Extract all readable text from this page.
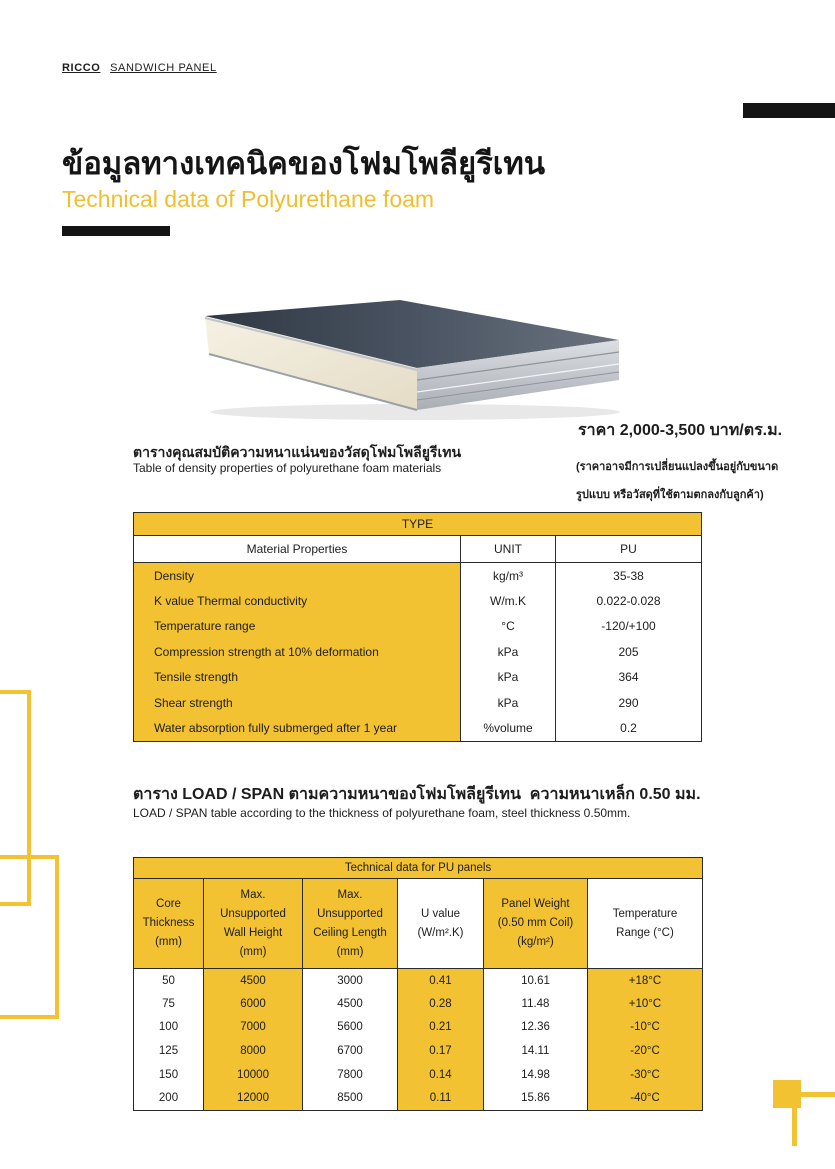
RICCO SANDWICH PANEL
ข้อมูลทางเทคนิคของโฟมโพลียูรีเทน
Technical data of Polyurethane foam
ราคา 2,000-3,500 บาท/ตร.ม.
(ราคาอาจมีการเปลี่ยนแปลงขึ้นอยู่กับขนาด
รูปแบบ หรือวัสดุที่ใช้ตามตกลงกับลูกค้า)
ตารางคุณสมบัติความหนาแน่นของวัสดุโฟมโพลียูรีเทน
Table of density properties of polyurethane foam materials
TYPE		
Material Properties	UNIT	PU
Density	kg/m³	35-38
K value Thermal conductivity	W/m.K	0.022-0.028
Temperature range	°C	-120/+100
Compression strength at 10% deformation	kPa	205
Tensile strength	kPa	364
Shear strength	kPa	290
Water absorption fully submerged after 1 year	%volume	0.2
ตาราง LOAD / SPAN ตามความหนาของโฟมโพลียูรีเทน  ความหนาเหล็ก 0.50 มม.
LOAD / SPAN table according to the thickness of polyurethane foam, steel thickness 0.50mm.
Technical data for PU panels					
Core
Thickness
(mm)	Max.
Unsupported
Wall Height
(mm)	Max.
Unsupported
Ceiling Length
(mm)	U value
(W/m².K)	Panel Weight
(0.50 mm Coil)
(kg/m²)	Temperature
Range (°C)
50	4500	3000	0.41	10.61	+18°C
75	6000	4500	0.28	11.48	+10°C
100	7000	5600	0.21	12.36	-10°C
125	8000	6700	0.17	14.11	-20°C
150	10000	7800	0.14	14.98	-30°C
200	12000	8500	0.11	15.86	-40°C
